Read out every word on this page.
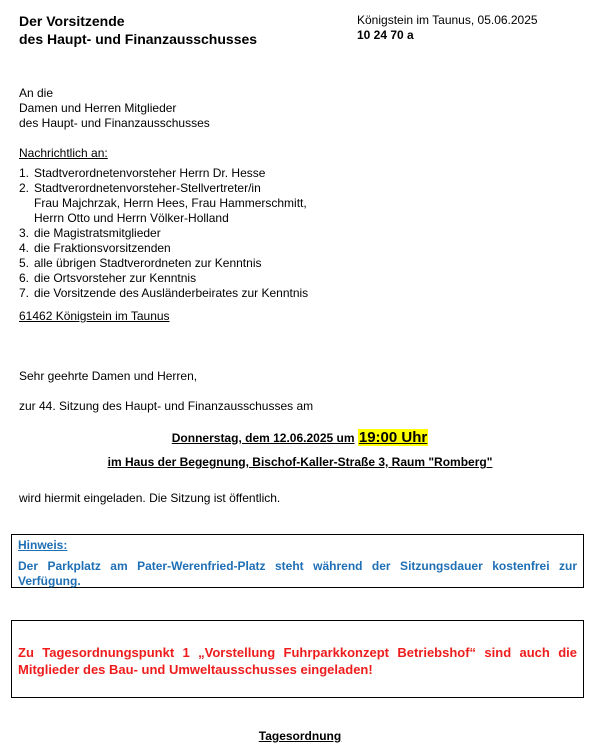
Der Vorsitzende
des Haupt- und Finanzausschusses
Königstein im Taunus, 05.06.2025
10 24 70 a
An die
Damen und Herren Mitglieder
des Haupt- und Finanzausschusses
Nachrichtlich an:
1. Stadtverordnetenvorsteher Herrn Dr. Hesse
2. Stadtverordnetenvorsteher-Stellvertreter/in
Frau Majchrzak, Herrn Hees, Frau Hammerschmitt,
Herrn Otto und Herrn Völker-Holland
3. die Magistratsmitglieder
4. die Fraktionsvorsitzenden
5. alle übrigen Stadtverordneten zur Kenntnis
6. die Ortsvorsteher zur Kenntnis
7. die Vorsitzende des Ausländerbeirates zur Kenntnis
61462 Königstein im Taunus
Sehr geehrte Damen und Herren,
zur 44. Sitzung des Haupt- und Finanzausschusses am
Donnerstag, dem 12.06.2025 um 19:00 Uhr
im Haus der Begegnung, Bischof-Kaller-Straße 3, Raum "Romberg"
wird hiermit eingeladen. Die Sitzung ist öffentlich.
Hinweis:
Der Parkplatz am Pater-Werenfried-Platz steht während der Sitzungsdauer kostenfrei zur Verfügung.
Zu Tagesordnungspunkt 1 „Vorstellung Fuhrparkkonzept Betriebshof“ sind auch die Mitglieder des Bau- und Umweltausschusses eingeladen!
Tagesordnung
